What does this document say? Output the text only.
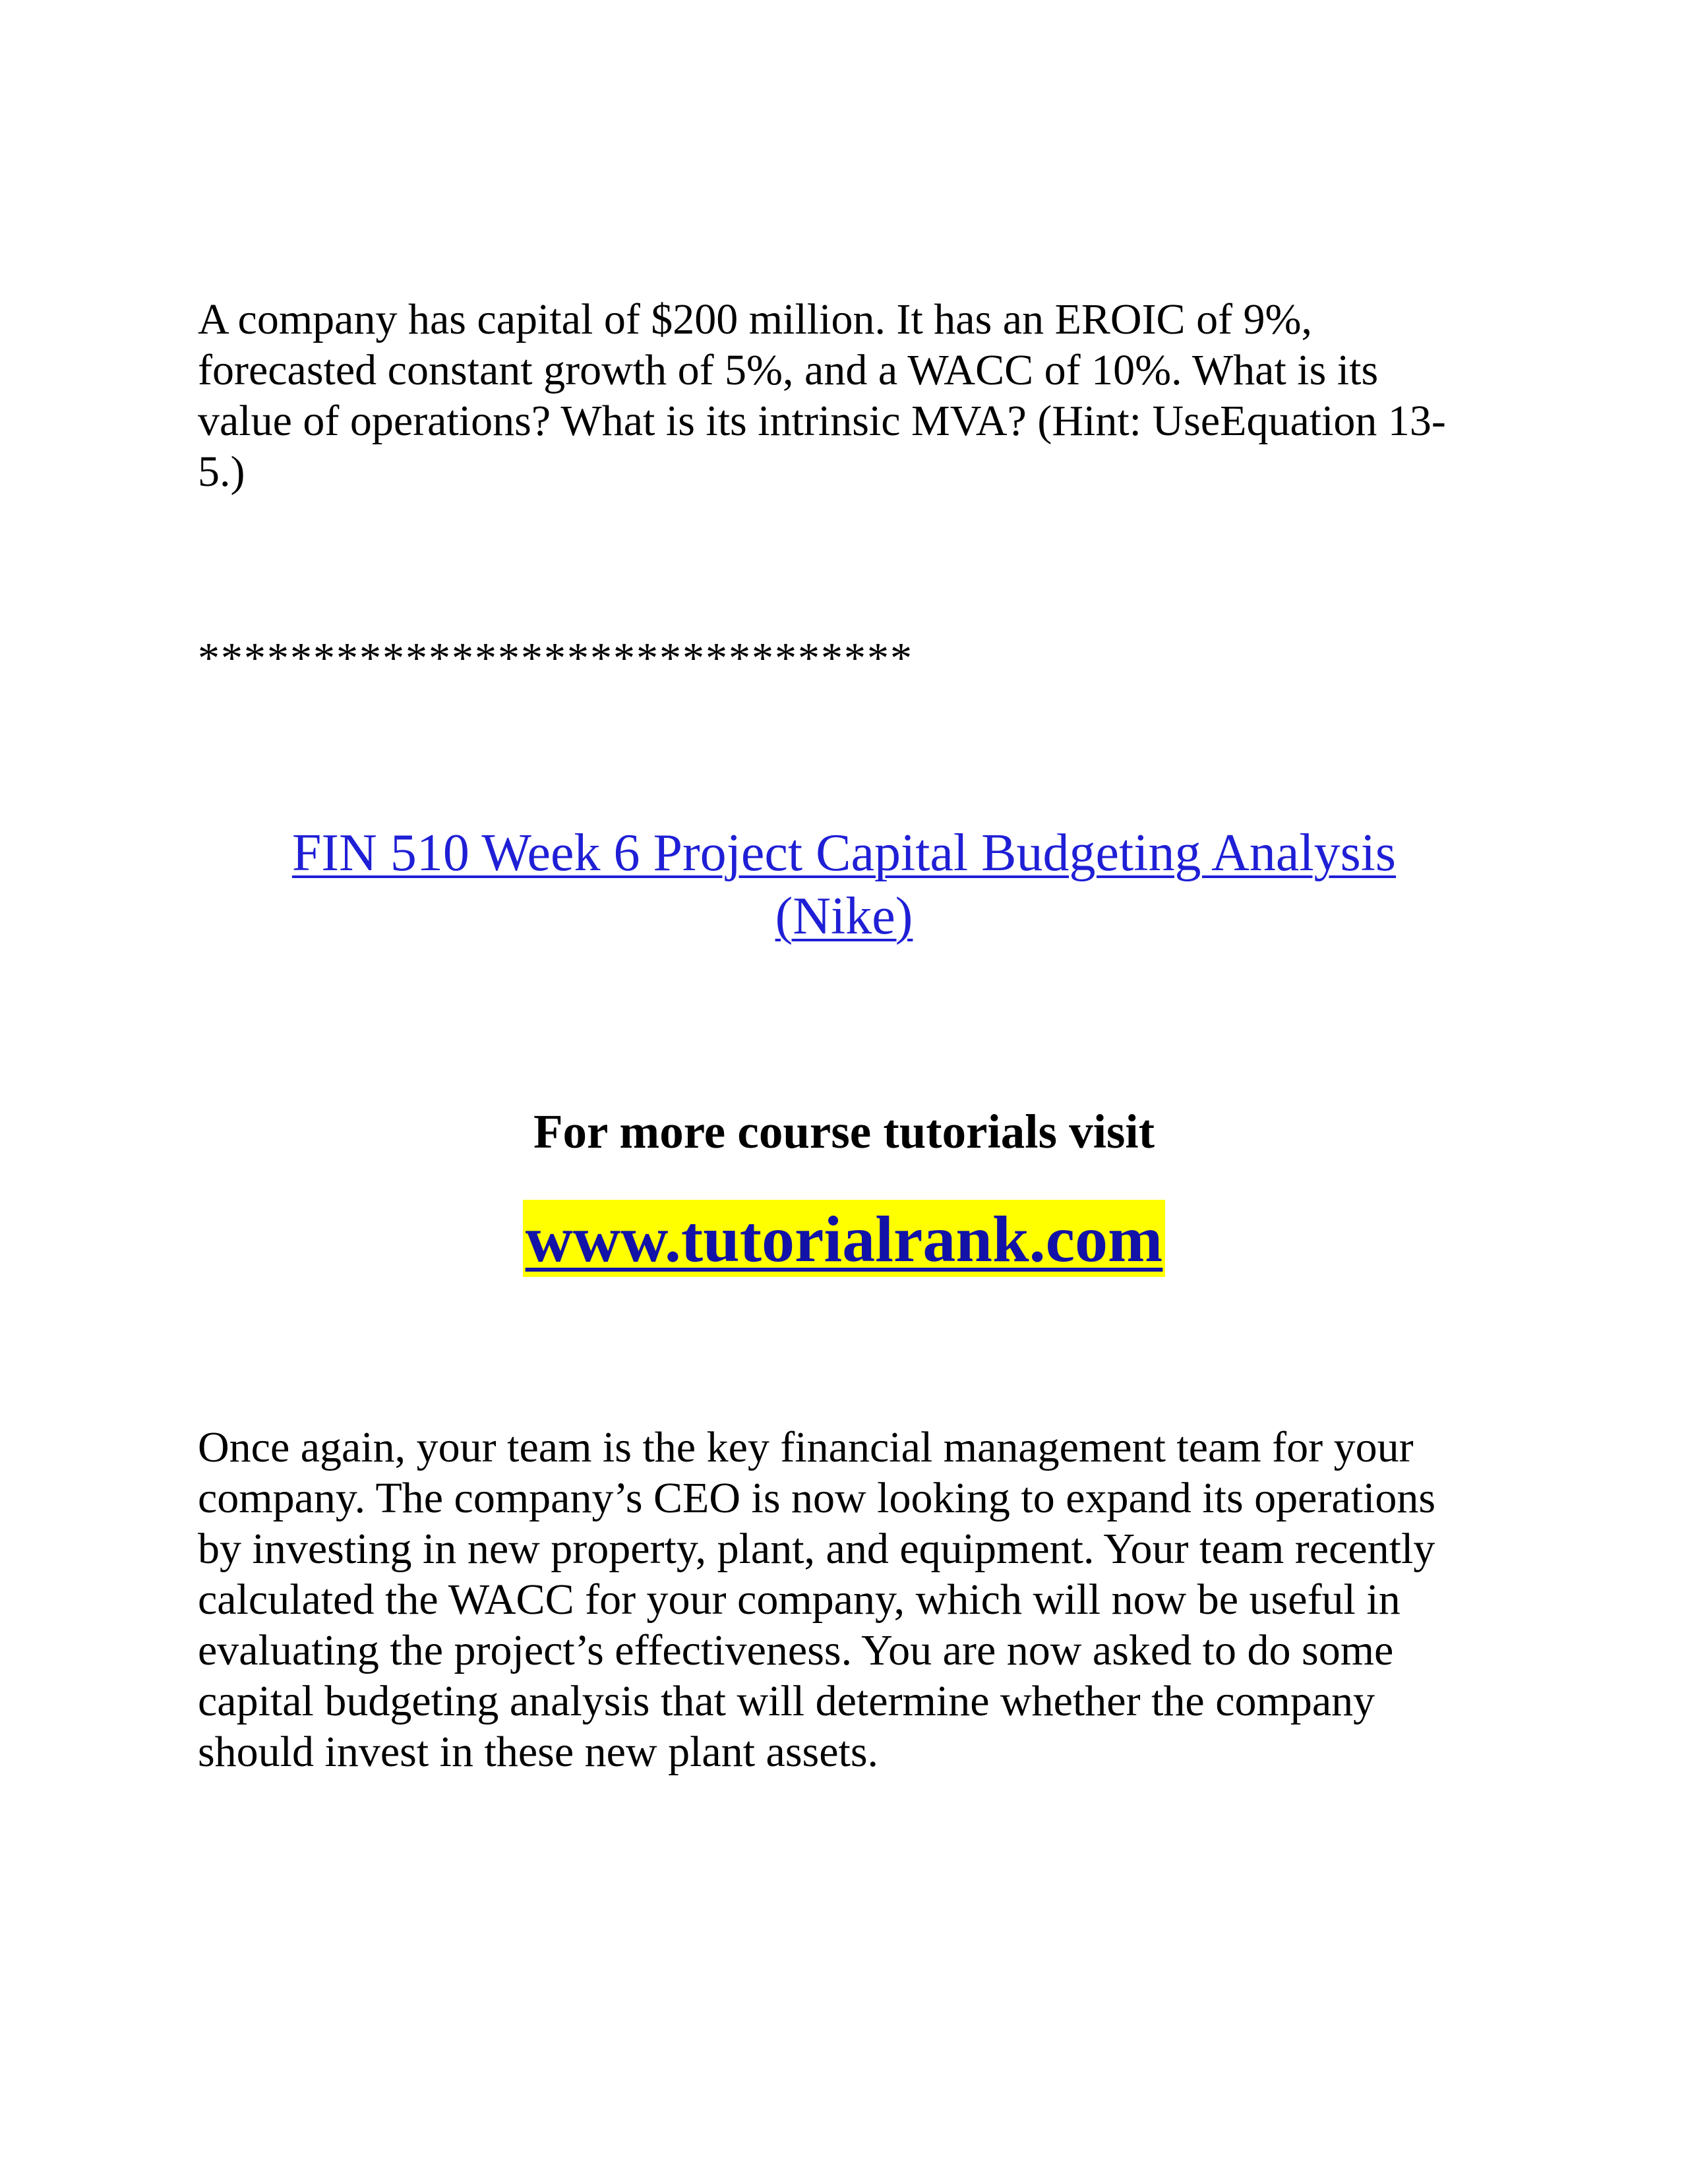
A company has capital of $200 million. It has an EROIC of 9%,
forecasted constant growth of 5%, and a WACC of 10%. What is its
value of operations? What is its intrinsic MVA? (Hint: UseEquation 13-
5.)

*******************************
FIN 510 Week 6 Project Capital Budgeting Analysis
(Nike)
For more course tutorials visit
www.tutorialrank.com

Once again, your team is the key financial management team for your
company. The company’s CEO is now looking to expand its operations
by investing in new property, plant, and equipment. Your team recently
calculated the WACC for your company, which will now be useful in
evaluating the project’s effectiveness. You are now asked to do some
capital budgeting analysis that will determine whether the company
should invest in these new plant assets.
